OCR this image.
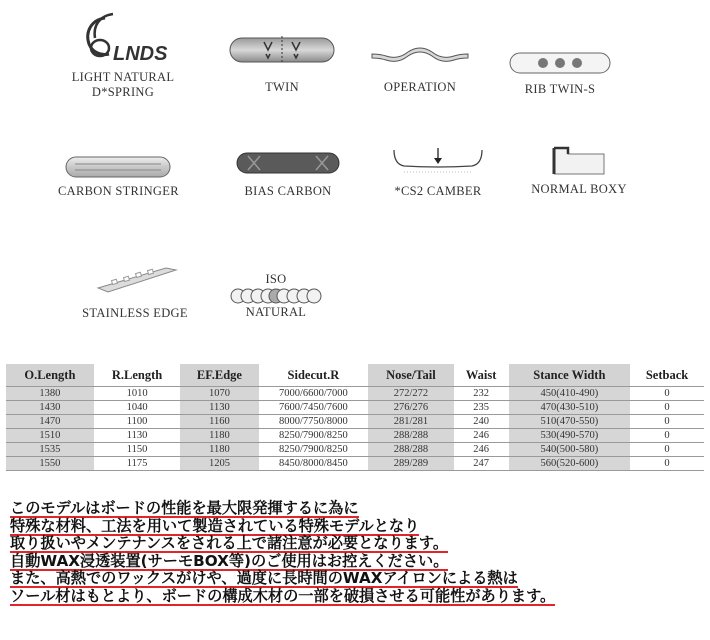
LNDS
LIGHT NATURAL
D*SPRING	TWIN	OPERATION	RIB TWIN-S
CARBON STRINGER	BIAS CARBON	*CS2 CAMBER	NORMAL BOXY
STAINLESS EDGE
ISO
NATURAL
O.Length	R.Length	EF.Edge	Sidecut.R	Nose/Tail	Waist	Stance Width	Setback
1380	1010	1070	7000/6600/7000	272/272	232	450(410-490)	0
1430	1040	1130	7600/7450/7600	276/276	235	470(430-510)	0
1470	1100	1160	8000/7750/8000	281/281	240	510(470-550)	0
1510	1130	1180	8250/7900/8250	288/288	246	530(490-570)	0
1535	1150	1180	8250/7900/8250	288/288	246	540(500-580)	0
1550	1175	1205	8450/8000/8450	289/289	247	560(520-600)	0
このモデルはボードの性能を最大限発揮するに為に
特殊な材料、工法を用いて製造されている特殊モデルとなり
取り扱いやメンテナンスをされる上で諸注意が必要となります。
自動WAX浸透装置(サーモBOX等)のご使用はお控えください。
また、高熱でのワックスがけや、過度に長時間のWAXアイロンによる熱は
ソール材はもとより、ボードの構成木材の一部を破損させる可能性があります。
